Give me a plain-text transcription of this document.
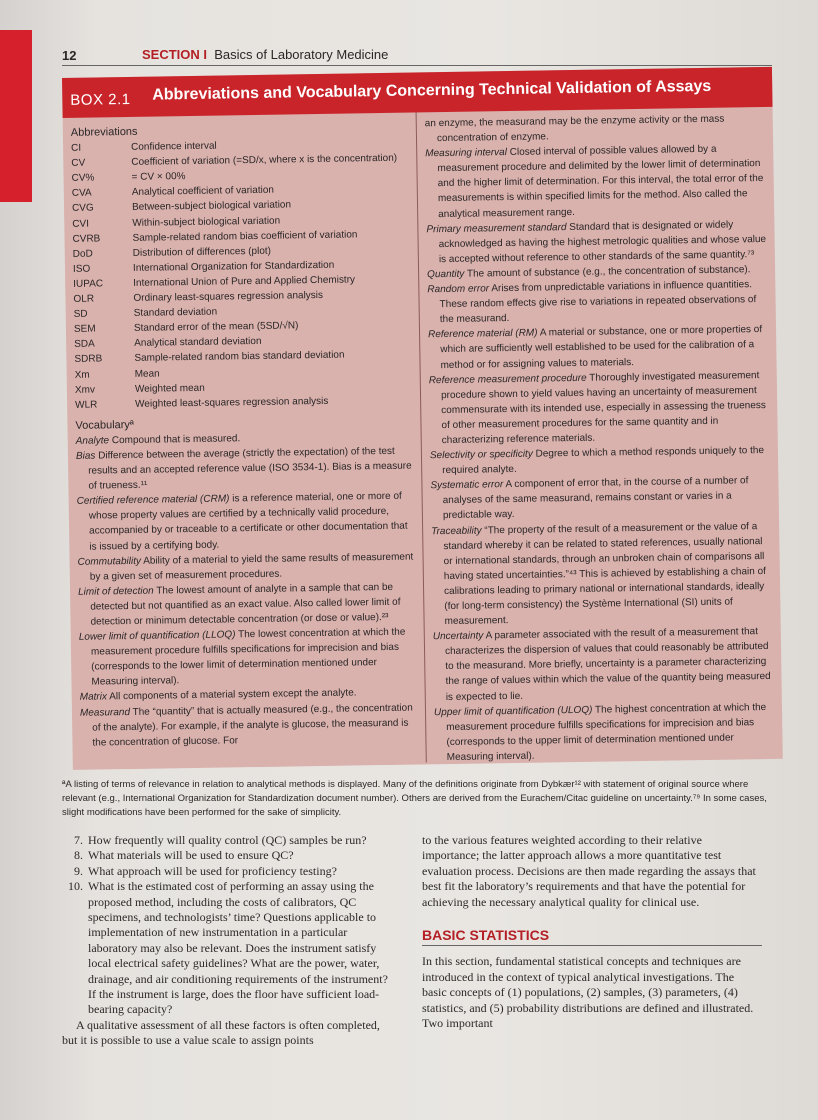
12	SECTION I Basics of Laboratory Medicine
BOX 2.1 Abbreviations and Vocabulary Concerning Technical Validation of Assays
Abbreviations
CI	Confidence interval
CV	Coefficient of variation (=SD/x, where x is the concentration)
CV%	= CV × 00%
CVA	Analytical coefficient of variation
CVG	Between-subject biological variation
CVI	Within-subject biological variation
CVRB	Sample-related random bias coefficient of variation
DoD	Distribution of differences (plot)
ISO	International Organization for Standardization
IUPAC	International Union of Pure and Applied Chemistry
OLR	Ordinary least-squares regression analysis
SD	Standard deviation
SEM	Standard error of the mean (5SD/√N)
SDA	Analytical standard deviation
SDRB	Sample-related random bias standard deviation
Xm	Mean
Xmv	Weighted mean
WLR	Weighted least-squares regression analysis
Vocabularyª
Analyte Compound that is measured.
Bias Difference between the average (strictly the expectation) of the test results and an accepted reference value (ISO 3534-1). Bias is a measure of trueness.¹¹
Certified reference material (CRM) is a reference material, one or more of whose property values are certified by a technically valid procedure, accompanied by or traceable to a certificate or other documentation that is issued by a certifying body.
Commutability Ability of a material to yield the same results of measurement by a given set of measurement procedures.
Limit of detection The lowest amount of analyte in a sample that can be detected but not quantified as an exact value. Also called lower limit of detection or minimum detectable concentration (or dose or value).²³
Lower limit of quantification (LLOQ) The lowest concentration at which the measurement procedure fulfills specifications for imprecision and bias (corresponds to the lower limit of determination mentioned under Measuring interval).
Matrix All components of a material system except the analyte.
Measurand The “quantity” that is actually measured (e.g., the concentration of the analyte). For example, if the analyte is glucose, the measurand is the concentration of glucose. For
an enzyme, the measurand may be the enzyme activity or the mass concentration of enzyme.
Measuring interval Closed interval of possible values allowed by a measurement procedure and delimited by the lower limit of determination and the higher limit of determination. For this interval, the total error of the measurements is within specified limits for the method. Also called the analytical measurement range.
Primary measurement standard Standard that is designated or widely acknowledged as having the highest metrologic qualities and whose value is accepted without reference to other standards of the same quantity.⁷³
Quantity The amount of substance (e.g., the concentration of substance).
Random error Arises from unpredictable variations in influence quantities. These random effects give rise to variations in repeated observations of the measurand.
Reference material (RM) A material or substance, one or more properties of which are sufficiently well established to be used for the calibration of a method or for assigning values to materials.
Reference measurement procedure Thoroughly investigated measurement procedure shown to yield values having an uncertainty of measurement commensurate with its intended use, especially in assessing the trueness of other measurement procedures for the same quantity and in characterizing reference materials.
Selectivity or specificity Degree to which a method responds uniquely to the required analyte.
Systematic error A component of error that, in the course of a number of analyses of the same measurand, remains constant or varies in a predictable way.
Traceability “The property of the result of a measurement or the value of a standard whereby it can be related to stated references, usually national or international standards, through an unbroken chain of comparisons all having stated uncertainties.”⁴³ This is achieved by establishing a chain of calibrations leading to primary national or international standards, ideally (for long-term consistency) the Système International (SI) units of measurement.
Uncertainty A parameter associated with the result of a measurement that characterizes the dispersion of values that could reasonably be attributed to the measurand. More briefly, uncertainty is a parameter characterizing the range of values within which the value of the quantity being measured is expected to lie.
Upper limit of quantification (ULOQ) The highest concentration at which the measurement procedure fulfills specifications for imprecision and bias (corresponds to the upper limit of determination mentioned under Measuring interval).
ªA listing of terms of relevance in relation to analytical methods is displayed. Many of the definitions originate from Dybkær¹² with statement of original source where relevant (e.g., International Organization for Standardization document number). Others are derived from the Eurachem/Citac guideline on uncertainty.⁷⁹ In some cases, slight modifications have been performed for the sake of simplicity.
7. How frequently will quality control (QC) samples be run?
8. What materials will be used to ensure QC?
9. What approach will be used for proficiency testing?
10. What is the estimated cost of performing an assay using the proposed method, including the costs of calibrators, QC specimens, and technologists’ time? Questions applicable to implementation of new instrumentation in a particular laboratory may also be relevant. Does the instrument satisfy local electrical safety guidelines? What are the power, water, drainage, and air conditioning requirements of the instrument? If the instrument is large, does the floor have sufficient load-bearing capacity?

A qualitative assessment of all these factors is often completed, but it is possible to use a value scale to assign points

to the various features weighted according to their relative importance; the latter approach allows a more quantitative test evaluation process. Decisions are then made regarding the assays that best fit the laboratory’s requirements and that have the potential for achieving the necessary analytical quality for clinical use.

BASIC STATISTICS

In this section, fundamental statistical concepts and techniques are introduced in the context of typical analytical investigations. The basic concepts of (1) populations, (2) samples, (3) parameters, (4) statistics, and (5) probability distributions are defined and illustrated. Two important
